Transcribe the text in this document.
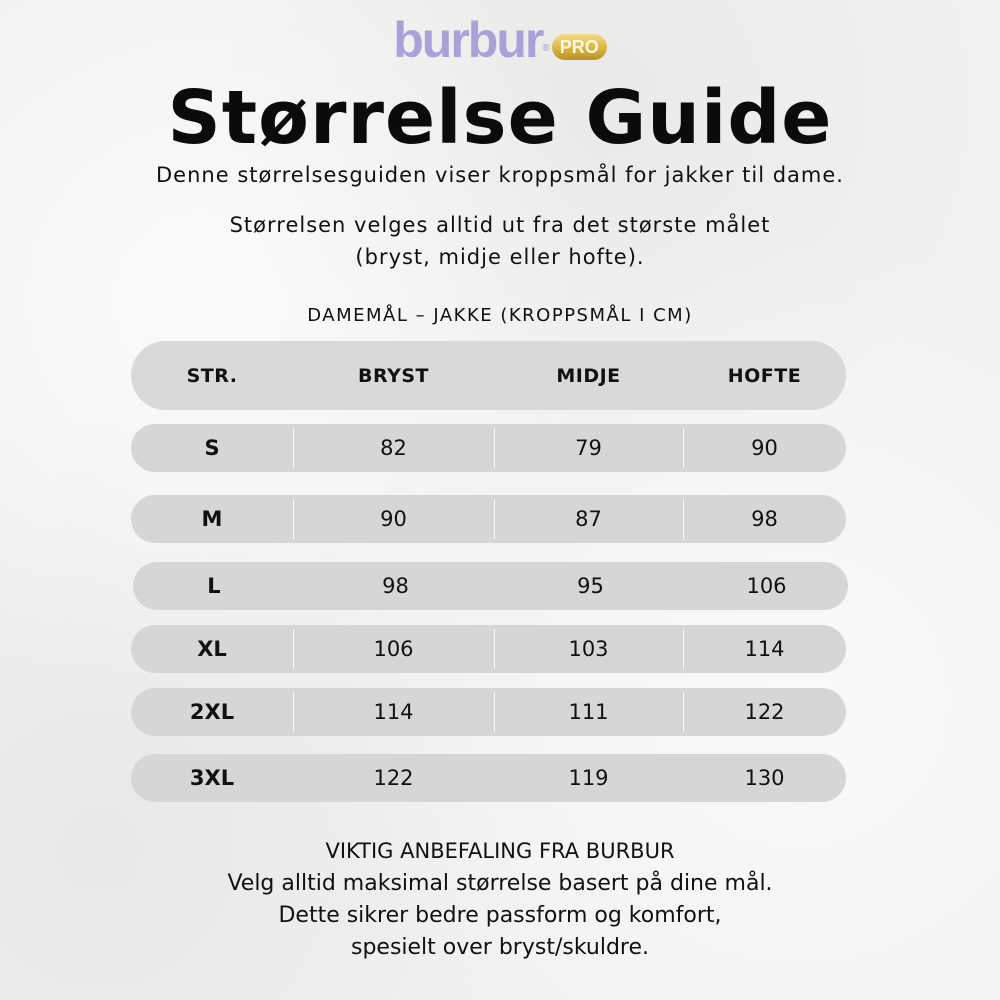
burbur® PRO
Størrelse Guide
Denne størrelsesguiden viser kroppsmål for jakker til dame.
Størrelsen velges alltid ut fra det største målet
(bryst, midje eller hofte).
DAMEMÅL – JAKKE (KROPPSMÅL I CM)
STR.	BRYST	MIDJE	HOFTE
S	82	79	90
M	90	87	98
L	98	95	106
XL	106	103	114
2XL	114	111	122
3XL	122	119	130
VIKTIG ANBEFALING FRA BURBUR
Velg alltid maksimal størrelse basert på dine mål.
Dette sikrer bedre passform og komfort,
spesielt over bryst/skuldre.
